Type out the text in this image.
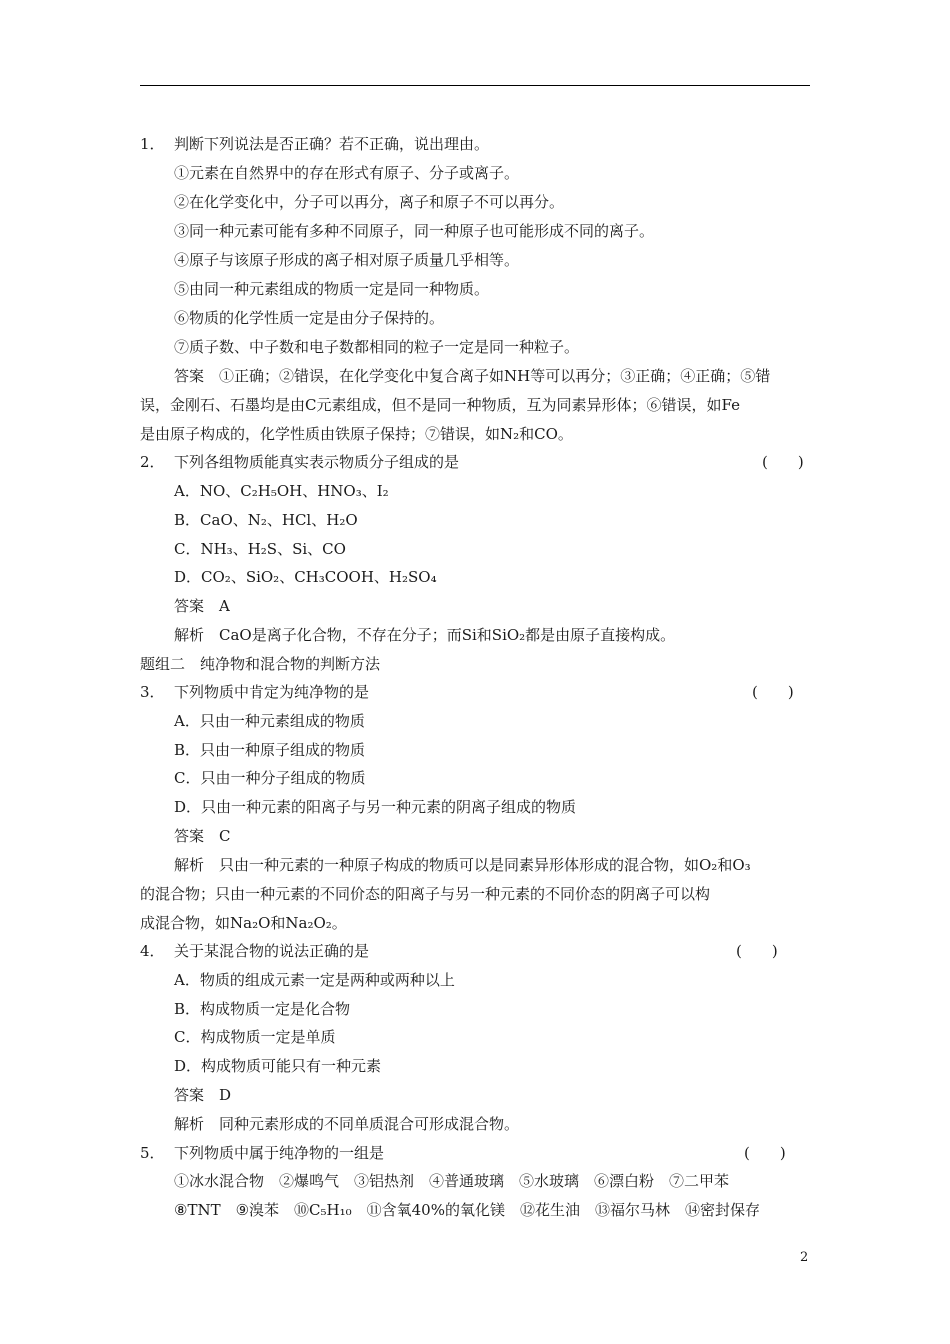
1． 判断下列说法是否正确？若不正确，说出理由。
①元素在自然界中的存在形式有原子、分子或离子。
②在化学变化中，分子可以再分，离子和原子不可以再分。
③同一种元素可能有多种不同原子，同一种原子也可能形成不同的离子。
④原子与该原子形成的离子相对原子质量几乎相等。
⑤由同一种元素组成的物质一定是同一种物质。
⑥物质的化学性质一定是由分子保持的。
⑦质子数、中子数和电子数都相同的粒子一定是同一种粒子。
答案　①正确；②错误，在化学变化中复合离子如NH等可以再分；③正确；④正确；⑤错
误，金刚石、石墨均是由C元素组成，但不是同一种物质，互为同素异形体；⑥错误，如Fe
是由原子构成的，化学性质由铁原子保持；⑦错误，如N₂和CO。
2． 下列各组物质能真实表示物质分子组成的是	(　　)
A．NO、C₂H₅OH、HNO₃、I₂
B．CaO、N₂、HCl、H₂O
C．NH₃、H₂S、Si、CO
D．CO₂、SiO₂、CH₃COOH、H₂SO₄
答案　A
解析　CaO是离子化合物，不存在分子；而Si和SiO₂都是由原子直接构成。
题组二　纯净物和混合物的判断方法
3． 下列物质中肯定为纯净物的是	(　　)
A．只由一种元素组成的物质
B．只由一种原子组成的物质
C．只由一种分子组成的物质
D．只由一种元素的阳离子与另一种元素的阴离子组成的物质
答案　C
解析　只由一种元素的一种原子构成的物质可以是同素异形体形成的混合物，如O₂和O₃
的混合物；只由一种元素的不同价态的阳离子与另一种元素的不同价态的阴离子可以构
成混合物，如Na₂O和Na₂O₂。
4． 关于某混合物的说法正确的是	(　　)
A．物质的组成元素一定是两种或两种以上
B．构成物质一定是化合物
C．构成物质一定是单质
D．构成物质可能只有一种元素
答案　D
解析　同种元素形成的不同单质混合可形成混合物。
5． 下列物质中属于纯净物的一组是	(　　)
①冰水混合物　②爆鸣气　③铝热剂　④普通玻璃　⑤水玻璃　⑥漂白粉　⑦二甲苯
⑧TNT　⑨溴苯　⑩C₅H₁₀　⑪含氧40%的氧化镁　⑫花生油　⑬福尔马林　⑭密封保存
2
